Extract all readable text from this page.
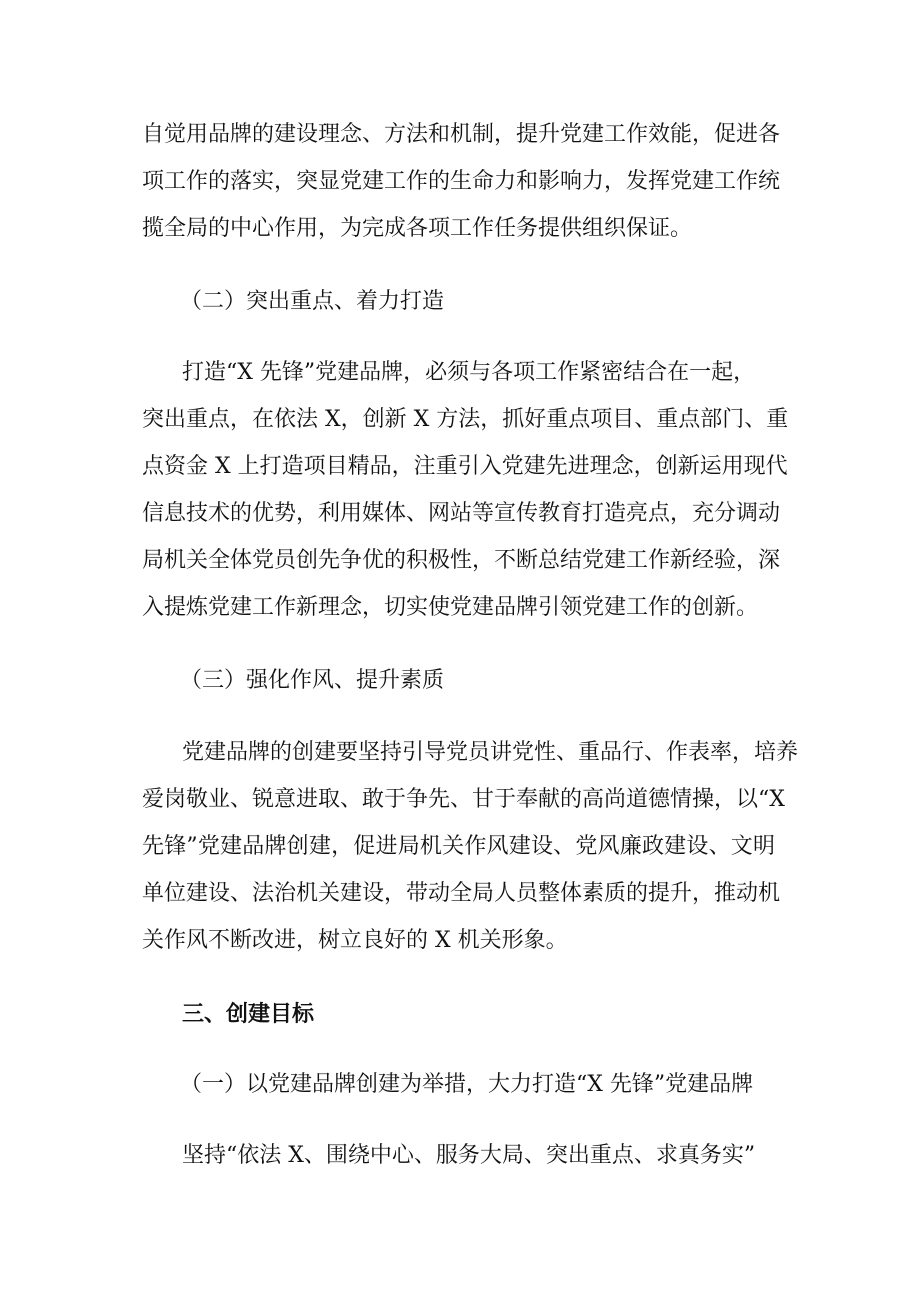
自觉用品牌的建设理念、方法和机制，提升党建工作效能，促进各
项工作的落实，突显党建工作的生命力和影响力，发挥党建工作统
揽全局的中心作用，为完成各项工作任务提供组织保证。
（二）突出重点、着力打造
打造“X 先锋”党建品牌，必须与各项工作紧密结合在一起，
突出重点，在依法 X，创新 X 方法，抓好重点项目、重点部门、重
点资金 X 上打造项目精品，注重引入党建先进理念，创新运用现代
信息技术的优势，利用媒体、网站等宣传教育打造亮点，充分调动
局机关全体党员创先争优的积极性，不断总结党建工作新经验，深
入提炼党建工作新理念，切实使党建品牌引领党建工作的创新。
（三）强化作风、提升素质
党建品牌的创建要坚持引导党员讲党性、重品行、作表率，培养
爱岗敬业、锐意进取、敢于争先、甘于奉献的高尚道德情操，以“X
先锋”党建品牌创建，促进局机关作风建设、党风廉政建设、文明
单位建设、法治机关建设，带动全局人员整体素质的提升，推动机
关作风不断改进，树立良好的 X 机关形象。
三、创建目标
（一）以党建品牌创建为举措，大力打造“X 先锋”党建品牌
坚持“依法 X、围绕中心、服务大局、突出重点、求真务实”
